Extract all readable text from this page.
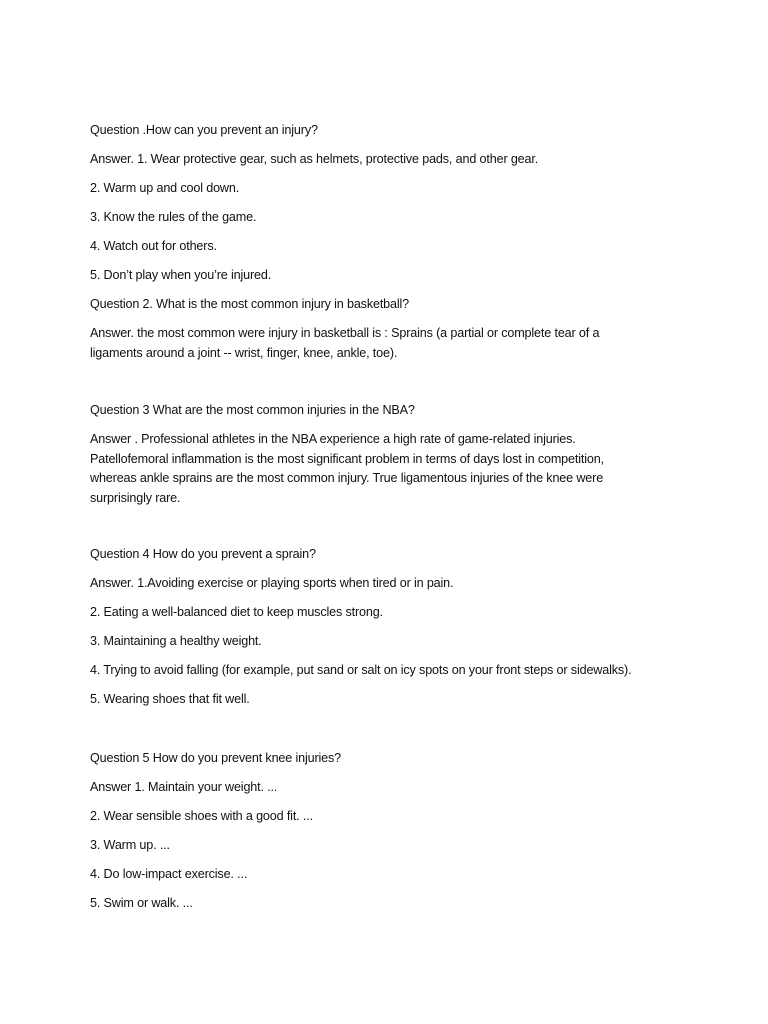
Question .How can you prevent an injury?
Answer. 1. Wear protective gear, such as helmets, protective pads, and other gear.
2. Warm up and cool down.
3. Know the rules of the game.
4. Watch out for others.
5. Don’t play when you’re injured.
Question 2. What is the most common injury in basketball?
Answer. the most common were injury in basketball is : Sprains (a partial or complete tear of a ligaments around a joint -- wrist, finger, knee, ankle, toe).
Question 3 What are the most common injuries in the NBA?
Answer . Professional athletes in the NBA experience a high rate of game-related injuries. Patellofemoral inflammation is the most significant problem in terms of days lost in competition, whereas ankle sprains are the most common injury. True ligamentous injuries of the knee were surprisingly rare.
Question 4 How do you prevent a sprain?
Answer. 1.Avoiding exercise or playing sports when tired or in pain.
2. Eating a well-balanced diet to keep muscles strong.
3. Maintaining a healthy weight.
4. Trying to avoid falling (for example, put sand or salt on icy spots on your front steps or sidewalks).
5. Wearing shoes that fit well.
Question 5 How do you prevent knee injuries?
Answer 1. Maintain your weight. ...
2. Wear sensible shoes with a good fit. ...
3. Warm up. ...
4. Do low-impact exercise. ...
5. Swim or walk. ...
